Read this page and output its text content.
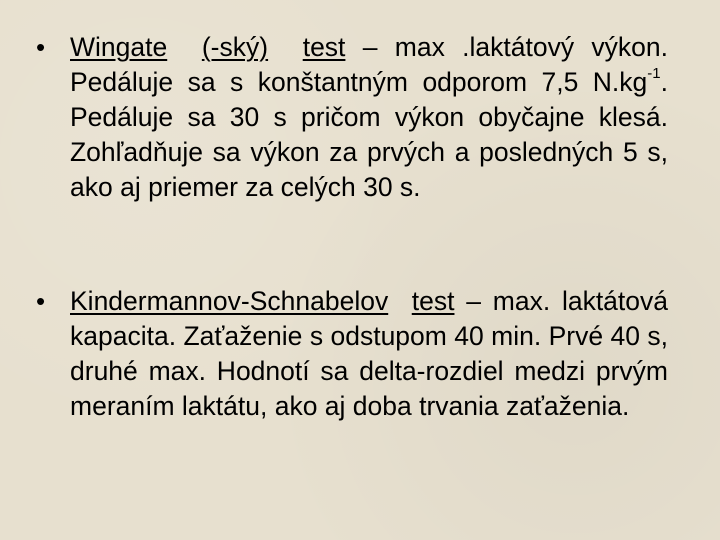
• Wingate (-ský) test – max .laktátový výkon. Pedáluje sa s konštantným odporom 7,5 $N.kg^{-1}$. Pedáluje sa 30 s pričom výkon obyčajne klesá. Zohľadňuje sa výkon za prvých a posledných 5 s, ako aj priemer za celých 30 s.
• Kindermannov-Schnabelov test – max. laktátová kapacita. Zaťaženie s odstupom 40 min. Prvé 40 s, druhé max. Hodnotí sa delta-rozdiel medzi prvým meraním laktátu, ako aj doba trvania zaťaženia.
